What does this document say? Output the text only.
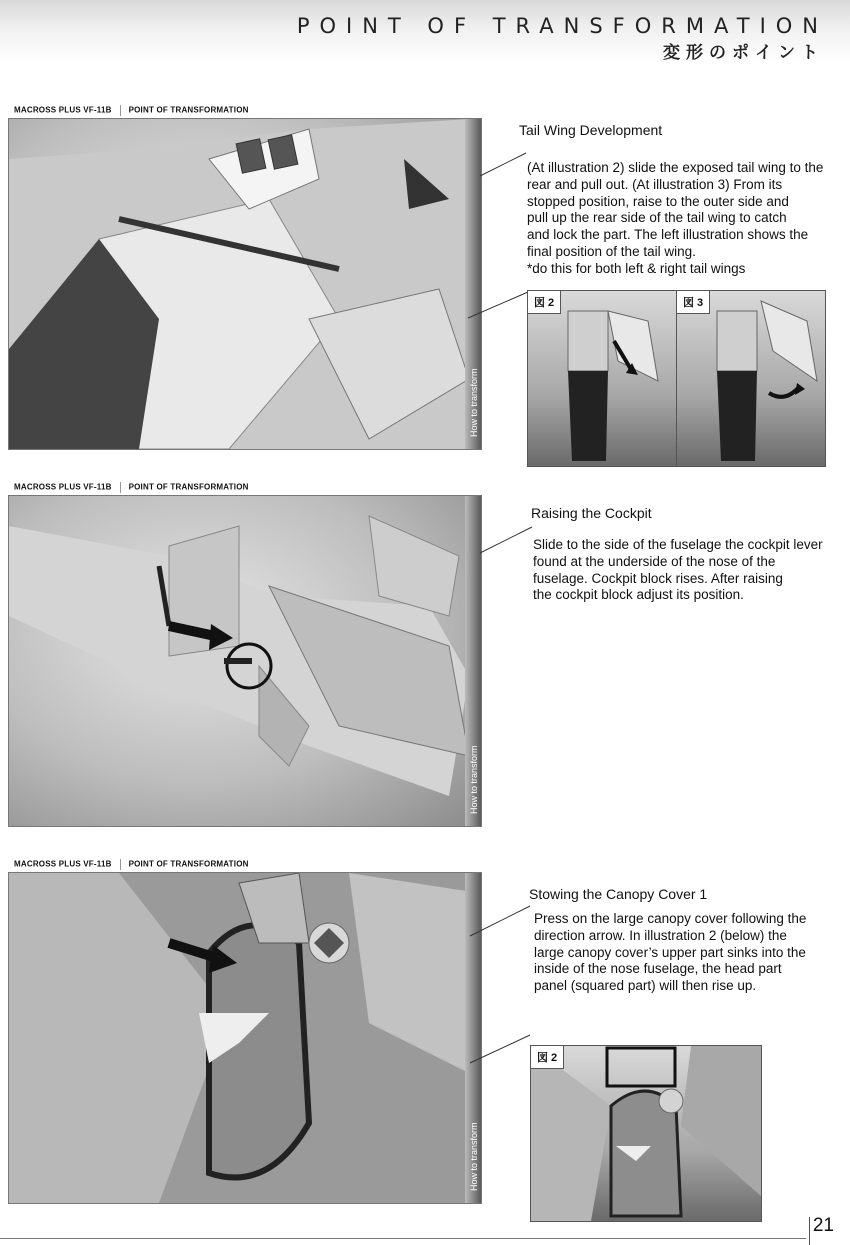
POINT OF TRANSFORMATION
変形のポイント
MACROSS PLUS VF-11B POINT OF TRANSFORMATION
How to transform
Tail Wing Development
(At illustration 2) slide the exposed tail wing to the
rear and pull out. (At illustration 3) From its
stopped position, raise to the outer side and
pull up the rear side of the tail wing to catch
and lock the part. The left illustration shows the
final position of the tail wing.
*do this for both left & right tail wings
図 2	図 3
MACROSS PLUS VF-11B POINT OF TRANSFORMATION
How to transform
Raising the Cockpit
Slide to the side of the fuselage the cockpit lever
found at the underside of the nose of the
fuselage. Cockpit block rises. After raising
the cockpit block adjust its position.
MACROSS PLUS VF-11B POINT OF TRANSFORMATION
How to transform
Stowing the Canopy Cover 1
Press on the large canopy cover following the
direction arrow. In illustration 2 (below) the
large canopy cover’s upper part sinks into the
inside of the nose fuselage, the head part
panel (squared part) will then rise up.
図 2
21
